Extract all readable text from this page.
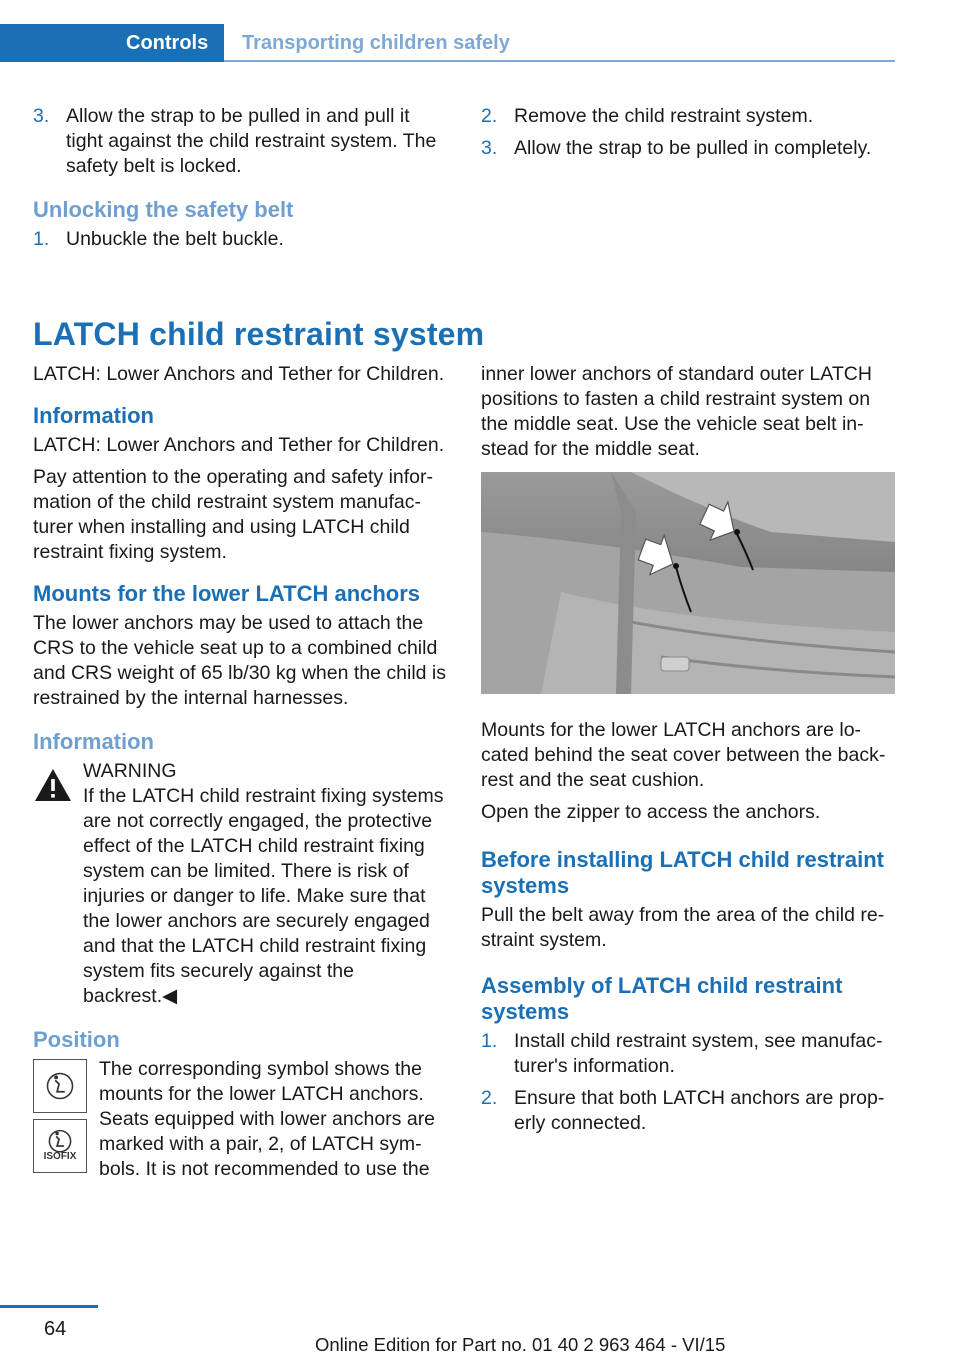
Controls	Transporting children safely
3. Allow the strap to be pulled in and pull it tight against the child restraint system. The safety belt is locked.
Unlocking the safety belt
1. Unbuckle the belt buckle.
2. Remove the child restraint system.
3. Allow the strap to be pulled in completely.
LATCH child restraint system

LATCH: Lower Anchors and Tether for Children.

Information

LATCH: Lower Anchors and Tether for Children.

Pay attention to the operating and safety information of the child restraint system manufacturer when installing and using LATCH child restraint fixing system.

Mounts for the lower LATCH anchors

The lower anchors may be used to attach the CRS to the vehicle seat up to a combined child and CRS weight of 65 lb/30 kg when the child is restrained by the internal harnesses.

Information
WARNING

If the LATCH child restraint fixing systems are not correctly engaged, the protective effect of the LATCH child restraint fixing system can be limited. There is risk of injuries or danger to life. Make sure that the lower anchors are securely engaged and that the LATCH child restraint fixing system fits securely against the backrest.◀

Position
ISOFIX

The corresponding symbol shows the mounts for the lower LATCH anchors. Seats equipped with lower anchors are marked with a pair, 2, of LATCH symbols. It is not recommended to use the

inner lower anchors of standard outer LATCH positions to fasten a child restraint system on the middle seat. Use the vehicle seat belt instead for the middle seat.

Mounts for the lower LATCH anchors are located behind the seat cover between the backrest and the seat cushion.

Open the zipper to access the anchors.

Before installing LATCH child restraint systems

Pull the belt away from the area of the child restraint system.

Assembly of LATCH child restraint systems
1. Install child restraint system, see manufacturer's information.
2. Ensure that both LATCH anchors are properly connected.
64
Online Edition for Part no. 01 40 2 963 464 - VI/15
